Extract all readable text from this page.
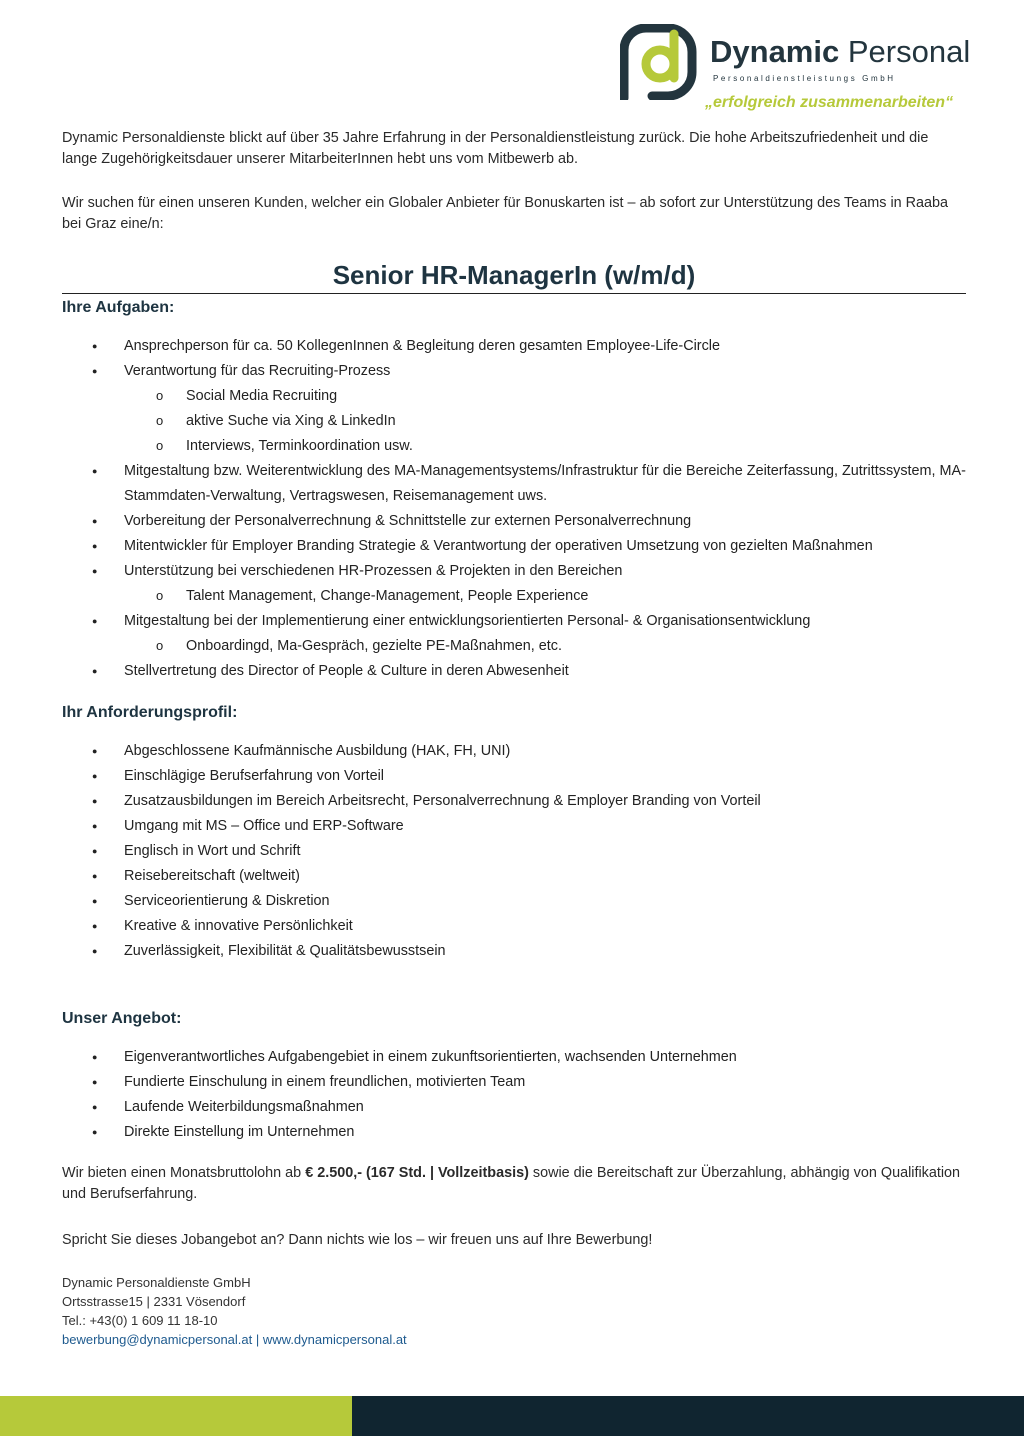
Dynamic Personal
Personaldienstleistungs GmbH
„erfolgreich zusammenarbeiten“

Dynamic Personaldienste blickt auf über 35 Jahre Erfahrung in der Personaldienstleistung zurück. Die hohe Arbeitszufriedenheit und die lange Zugehörigkeitsdauer unserer MitarbeiterInnen hebt uns vom Mitbewerb ab.

Wir suchen für einen unseren Kunden, welcher ein Globaler Anbieter für Bonuskarten ist – ab sofort zur Unterstützung des Teams in Raaba bei Graz eine/n:

Senior HR-ManagerIn (w/m/d)
Ihre Aufgaben:
● Ansprechperson für ca. 50 KollegenInnen & Begleitung deren gesamten Employee-Life-Circle
● Verantwortung für das Recruiting-Prozess
o Social Media Recruiting
o aktive Suche via Xing & LinkedIn
o Interviews, Terminkoordination usw.
● Mitgestaltung bzw. Weiterentwicklung des MA-Managementsystems/Infrastruktur für die Bereiche Zeiterfassung, Zutrittssystem, MA-Stammdaten-Verwaltung, Vertragswesen, Reisemanagement uws.
● Vorbereitung der Personalverrechnung & Schnittstelle zur externen Personalverrechnung
● Mitentwickler für Employer Branding Strategie & Verantwortung der operativen Umsetzung von gezielten Maßnahmen
● Unterstützung bei verschiedenen HR-Prozessen & Projekten in den Bereichen
o Talent Management, Change-Management, People Experience
● Mitgestaltung bei der Implementierung einer entwicklungsorientierten Personal- & Organisationsentwicklung
o Onboardingd, Ma-Gespräch, gezielte PE-Maßnahmen, etc.
● Stellvertretung des Director of People & Culture in deren Abwesenheit
Ihr Anforderungsprofil:
● Abgeschlossene Kaufmännische Ausbildung (HAK, FH, UNI)
● Einschlägige Berufserfahrung von Vorteil
● Zusatzausbildungen im Bereich Arbeitsrecht, Personalverrechnung & Employer Branding von Vorteil
● Umgang mit MS – Office und ERP-Software
● Englisch in Wort und Schrift
● Reisebereitschaft (weltweit)
● Serviceorientierung & Diskretion
● Kreative & innovative Persönlichkeit
● Zuverlässigkeit, Flexibilität & Qualitätsbewusstsein
Unser Angebot:
● Eigenverantwortliches Aufgabengebiet in einem zukunftsorientierten, wachsenden Unternehmen
● Fundierte Einschulung in einem freundlichen, motivierten Team
● Laufende Weiterbildungsmaßnahmen
● Direkte Einstellung im Unternehmen

Wir bieten einen Monatsbruttolohn ab € 2.500,- (167 Std. | Vollzeitbasis) sowie die Bereitschaft zur Überzahlung, abhängig von Qualifikation und Berufserfahrung.

Spricht Sie dieses Jobangebot an? Dann nichts wie los – wir freuen uns auf Ihre Bewerbung!

Dynamic Personaldienste GmbH
Ortsstrasse15 | 2331 Vösendorf
Tel.: +43(0) 1 609 11 18-10
bewerbung@dynamicpersonal.at | www.dynamicpersonal.at
